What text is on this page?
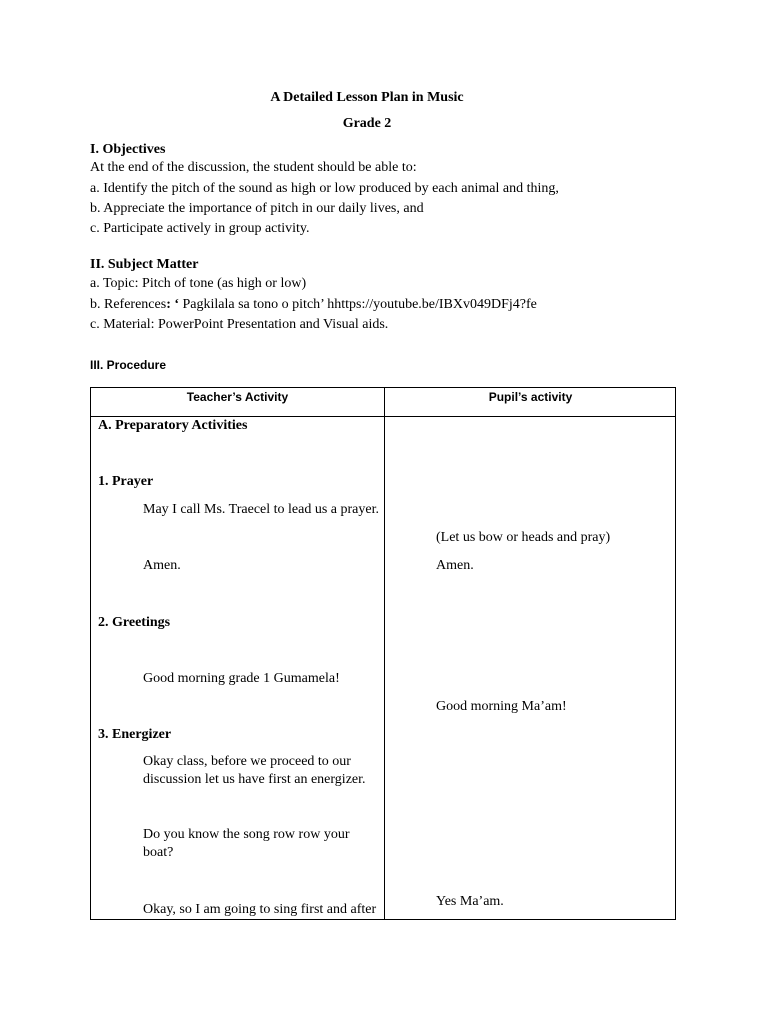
A Detailed Lesson Plan in Music
Grade 2
I. Objectives
At the end of the discussion, the student should be able to:
a. Identify the pitch of the sound as high or low produced by each animal and thing,
b. Appreciate the importance of pitch in our daily lives, and
c. Participate actively in group activity.
II. Subject Matter
a. Topic: Pitch of tone (as high or low)
b. References: ‘ Pagkilala sa tono o pitch’ hhttps://youtube.be/IBXv049DFj4?fe
c. Material: PowerPoint Presentation and Visual aids.
III. Procedure
Teacher’s Activity	Pupil’s activity
A. Preparatory Activities
1. Prayer
May I call Ms. Traecel to lead us a prayer.
Amen.
2. Greetings
Good morning grade 1 Gumamela!
3. Energizer
Okay class, before we proceed to our discussion let us have first an energizer.
Do you know the song row row your boat?
Okay, so I am going to sing first and after
(Let us bow or heads and pray)
Amen.
Good morning Ma’am!
Yes Ma’am.
